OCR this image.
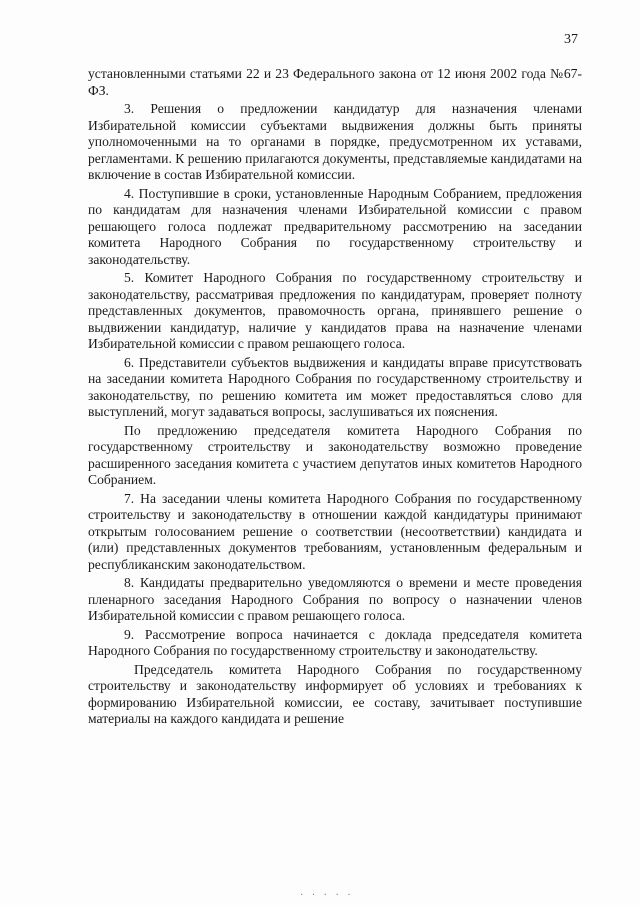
37

установленными статьями 22 и 23 Федерального закона от 12 июня 2002 года №67-ФЗ.

3. Решения о предложении кандидатур для назначения членами Избирательной комиссии субъектами выдвижения должны быть приняты уполномоченными на то органами в порядке, предусмотренном их уставами, регламентами. К решению прилагаются документы, представляемые кандидатами на включение в состав Избирательной комиссии.

4. Поступившие в сроки, установленные Народным Собранием, предложения по кандидатам для назначения членами Избирательной комиссии с правом решающего голоса подлежат предварительному рассмотрению на заседании комитета Народного Собрания по государственному строительству и законодательству.

5. Комитет Народного Собрания по государственному строительству и законодательству, рассматривая предложения по кандидатурам, проверяет полноту представленных документов, правомочность органа, принявшего решение о выдвижении кандидатур, наличие у кандидатов права на назначение членами Избирательной комиссии с правом решающего голоса.

6. Представители субъектов выдвижения и кандидаты вправе присутствовать на заседании комитета Народного Собрания по государственному строительству и законодательству, по решению комитета им может предоставляться слово для выступлений, могут задаваться вопросы, заслушиваться их пояснения.

По предложению председателя комитета Народного Собрания по государственному строительству и законодательству возможно проведение расширенного заседания комитета с участием депутатов иных комитетов Народного Собранием.

7. На заседании члены комитета Народного Собрания по государственному строительству и законодательству в отношении каждой кандидатуры принимают открытым голосованием решение о соответствии (несоответствии) кандидата и (или) представленных документов требованиям, установленным федеральным и республиканским законодательством.

8. Кандидаты предварительно уведомляются о времени и месте проведения пленарного заседания Народного Собрания по вопросу о назначении членов Избирательной комиссии с правом решающего голоса.

9. Рассмотрение вопроса начинается с доклада председателя комитета Народного Собрания по государственному строительству и законодательству.

Председатель комитета Народного Собрания по государственному строительству и законодательству информирует об условиях и требованиях к формированию Избирательной комиссии, ее составу, зачитывает поступившие материалы на каждого кандидата и решение

· · · · ·
